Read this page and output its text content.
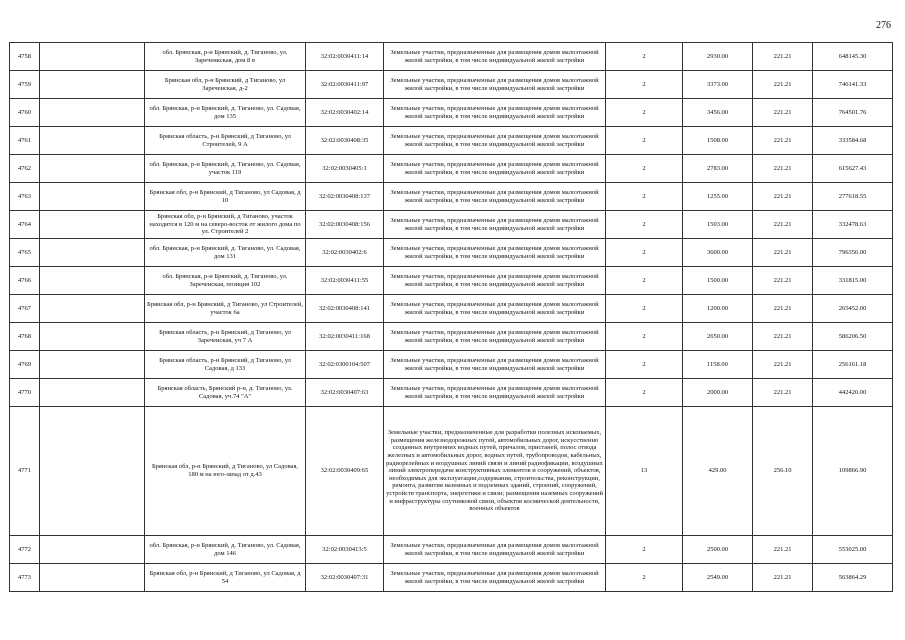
276
4758		обл. Брянская, р-н Брянский, д. Тиганово, ул. Заречеикская, дом 8 в	32:02:0030411:14	Земельные участки, предназначенные для размещения домов малоэтажной жилой застройки, в том числе индивидуальной жилой застройки	2	2930.00	221.21	648145.30
4759		Брянская обл, р-н Брянский, д Тиганово, ул Заречеиская, д-2	32:02:0030411:97	Земельные участки, предназначенные для размещения домов малоэтажной жилой застройки, в том числе индивидуальной жилой застройки	2	3373.00	221.21	746141.33
4760		обл. Брянская, р-н Брянский, д. Тиганово, ул. Садовая, дом 135	32:02:0030402:14	Земельные участки, предназначенные для размещения домов малоэтажной жилой застройки, в том числе индивидуальной жилой застройки	2	3456.00	221.21	764501.76
4761		Брянская область, р-н Брянский, д Тиганово, ул Строителей, 9 А	32:02:0030408:35	Земельные участки, предназначенные для размещения домов малоэтажной жилой застройки, в том числе индивидуальной жилой застройки	2	1508.00	221.21	333584.68
4762		обл. Брянская, р-н Брянский, д. Тиганово, ул. Садовая, участок 119	32:02:0030405:1	Земельные участки, предназначенные для размещения домов малоэтажной жилой застройки, в том числе индивидуальной жилой застройки	2	2783.00	221.21	615627.43
4763		Брянская обл, р-н Брянский, д Тиганово, ул Садовая, д 10	32:02:0030408:137	Земельные участки, предназначенные для размещения домов малоэтажной жилой застройки, в том числе индивидуальной жилой застройки	2	1255.00	221.21	277618.55
4764		Брянская обл, р-н Брянский, д Тиганово, участок находится в 120 м на северо-восток от жилого дома по ул. Строителей 2	32:02:0030408:156	Земельные участки, предназначенные для размещения домов малоэтажной жилой застройки, в том числе индивидуальной жилой застройки	2	1503.00	221.21	332478.63
4765		обл. Брянская, р-н Брянский, д. Тиганово, ул. Садовая, дом 131	32:02:0030402:6	Земельные участки, предназначенные для размещения домов малоэтажной жилой застройки, в том числе индивидуальной жилой застройки	2	3600.00	221.21	796356.00
4766		обл. Брянская, р-н Брянский, д. Тиганово, ул. Заречеиская, позиция 102	32:02:0030411:55	Земельные участки, предназначенные для размещения домов малоэтажной жилой застройки, в том числе индивидуальной жилой застройки	2	1500.00	221.21	331815.00
4767		Брянская обл, р-н Брянский, д Тиганово, ул Строителей, участок 6а	32:02:0030408:141	Земельные участки, предназначенные для размещения домов малоэтажной жилой застройки, в том числе индивидуальной жилой застройки	2	1200.00	221.21	265452.00
4768		Брянская область, р-н Брянский, д Тиганово, ул Заречеиская, уч 7 А	32:02:0030411:168	Земельные участки, предназначенные для размещения домов малоэтажной жилой застройки, в том числе индивидуальной жилой застройки	2	2650.00	221.21	586206.50
4769		Брянская область, р-н Брянский, д Тиганово, ул Садовая, д 133	32:02:0300104:507	Земельные участки, предназначенные для размещения домов малоэтажной жилой застройки, в том числе индивидуальной жилой застройки	2	1158.00	221.21	256161.18
4770		Брянская область, Брянский р-н, д. Тиганово, ул. Садовая, уч.74 "А"	32:02:0030407:63	Земельные участки, предназначенные для размещения домов малоэтажной жилой застройки, в том числе индивидуальной жилой застройки	2	2000.00	221.21	442420.00
4771		Брянская обл, р-н Брянский, д Тиганово, ул Садовая, 180 м на юго-запад от д.43	32:02:0030409:65	Земельные участки, предназначенные для разработки полезных ископаемых, размещения железнодорожных путей, автомобильных дорог, искусственно созданных внутренних водных путей, причалов, пристаней, полос отвода железных и автомобильных дорог, водных путей, трубопроводов, кабельных, радиорелейных и воздушных линий связи и линий радиофикации, воздушных линий электропередачи конструктивных элементов и сооружений, объектов, необходимых для эксплуатации,содержания, строительства, реконструкции, ремонта, развития наземных и подземных зданий, строений, сооружений, устройств транспорта, энергетики и связи; размещения наземных сооружений и инфраструктуры спутниковой связи, объектов космической деятельности, военных объектов	13	429.00	256.10	109866.90
4772		обл. Брянская, р-н Брянский, д. Тиганово, ул. Садовая, дом 146	32:02:0030413:5	Земельные участки, предназначенные для размещения домов малоэтажной жилой застройки, в том числе индивидуальной жилой застройки	2	2500.00	221.21	553025.00
4773		Брянская обл, р-н Брянский, д Тиганово, ул Садовая, д 54	32:02:0030407:31	Земельные участки, предназначенные для размещения домов малоэтажной жилой застройки, в том числе индивидуальной жилой застройки	2	2549.00	221.21	563864.29
